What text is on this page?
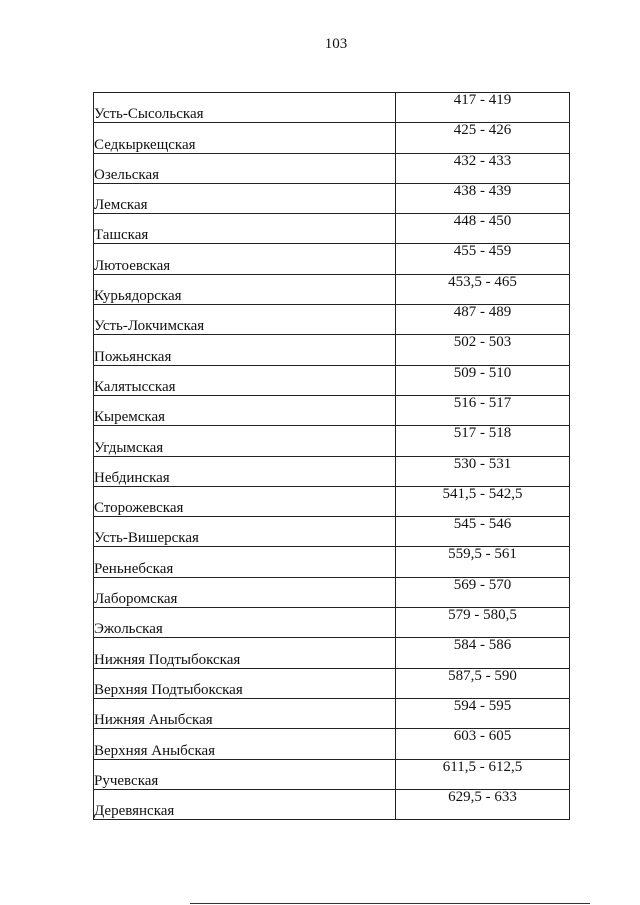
103
Усть-Сысольская	417 - 419
Седкыркещская	425 - 426
Озельская	432 - 433
Лемская	438 - 439
Ташская	448 - 450
Лютоевская	455 - 459
Курьядорская	453,5 - 465
Усть-Локчимская	487 - 489
Пожьянская	502 - 503
Калятысская	509 - 510
Кыремская	516 - 517
Угдымская	517 - 518
Небдинская	530 - 531
Сторожевская	541,5 - 542,5
Усть-Вишерская	545 - 546
Реньнебская	559,5 - 561
Лаборомская	569 - 570
Эжольская	579 - 580,5
Нижняя Подтыбокская	584 - 586
Верхняя Подтыбокская	587,5 - 590
Нижняя Аныбская	594 - 595
Верхняя Аныбская	603 - 605
Ручевская	611,5 - 612,5
Деревянская	629,5 - 633
